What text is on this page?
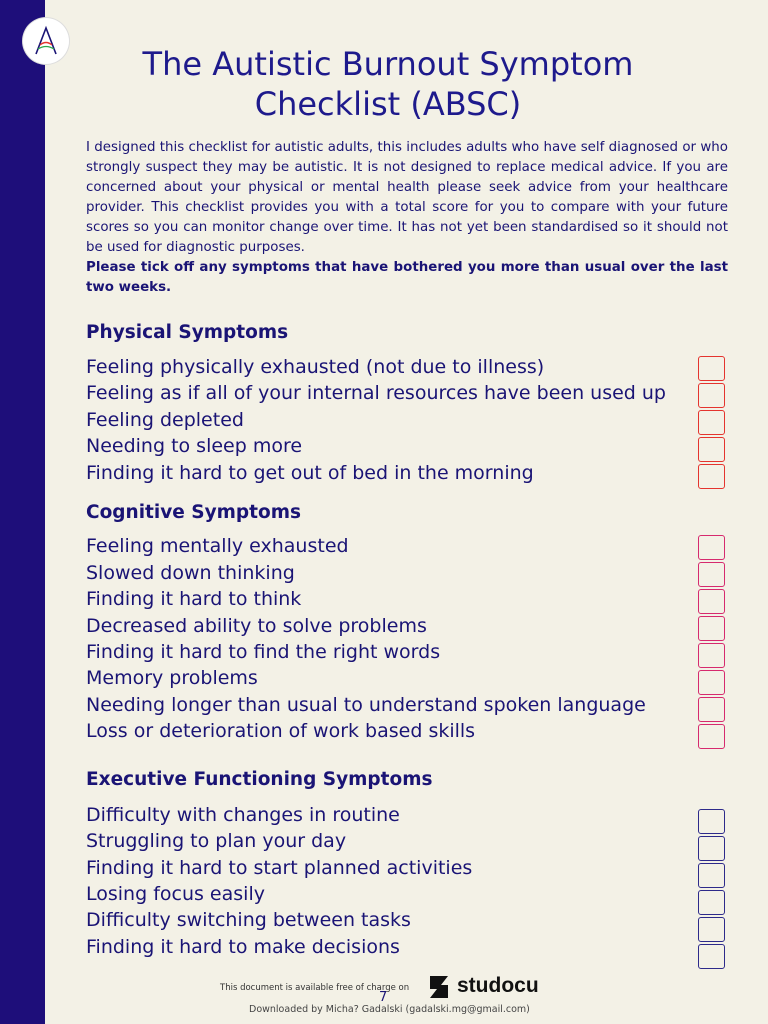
The Autistic Burnout Symptom Checklist (ABSC)
I designed this checklist for autistic adults, this includes adults who have self diagnosed or who strongly suspect they may be autistic. It is not designed to replace medical advice. If you are concerned about your physical or mental health please seek advice from your healthcare provider. This checklist provides you with a total score for you to compare with your future scores so you can monitor change over time. It has not yet been standardised so it should not be used for diagnostic purposes.
Please tick off any symptoms that have bothered you more than usual over the last two weeks.
Physical Symptoms
Feeling physically exhausted (not due to illness)
Feeling as if all of your internal resources have been used up
Feeling depleted
Needing to sleep more
Finding it hard to get out of bed in the morning
Cognitive Symptoms
Feeling mentally exhausted
Slowed down thinking
Finding it hard to think
Decreased ability to solve problems
Finding it hard to find the right words
Memory problems
Needing longer than usual to understand spoken language
Loss or deterioration of work based skills
Executive Functioning Symptoms
Difficulty with changes in routine
Struggling to plan your day
Finding it hard to start planned activities
Losing focus easily
Difficulty switching between tasks
Finding it hard to make decisions
This document is available free of charge on studocu
7
Downloaded by Micha? Gadalski (gadalski.mg@gmail.com)
